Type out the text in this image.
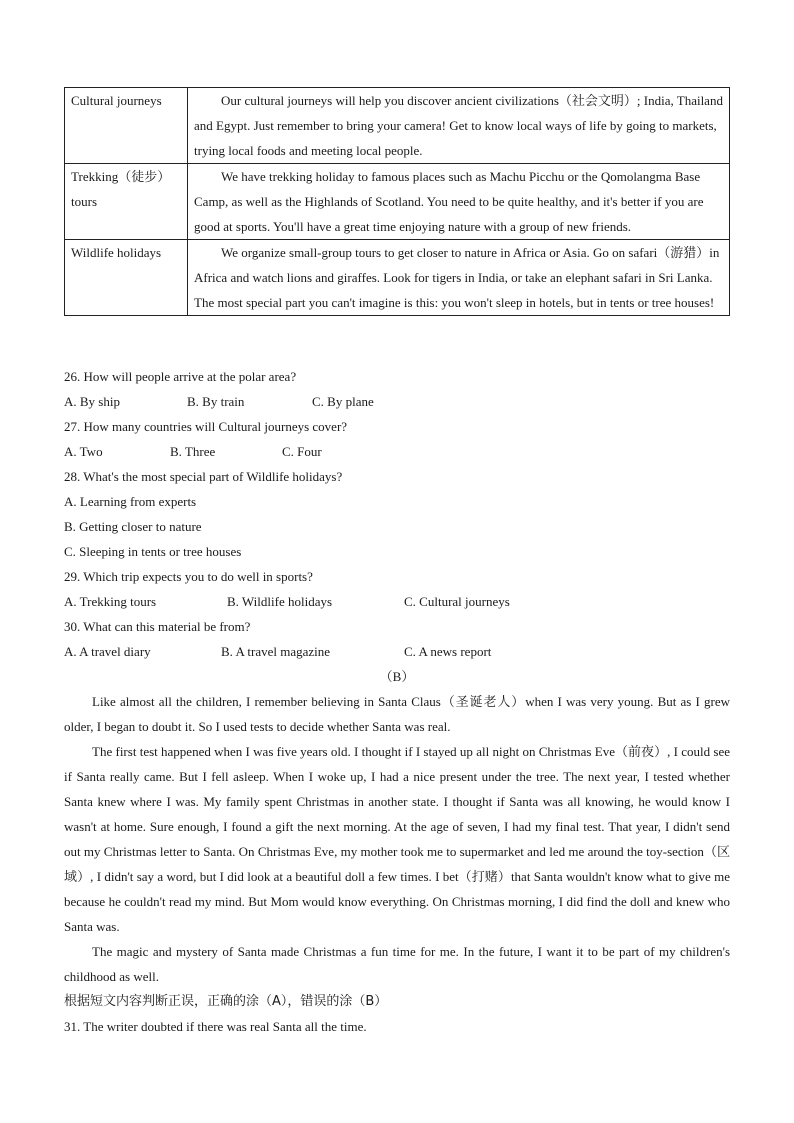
Cultural journeys	Our cultural journeys will help you discover ancient civilizations（社会文明）; India, Thailand and Egypt. Just remember to bring your camera! Get to know local ways of life by going to markets, trying local foods and meeting local people.
Trekking（徒步）tours	We have trekking holiday to famous places such as Machu Picchu or the Qomolangma Base Camp, as well as the Highlands of Scotland. You need to be quite healthy, and it's better if you are good at sports. You'll have a great time enjoying nature with a group of new friends.
Wildlife holidays	We organize small-group tours to get closer to nature in Africa or Asia. Go on safari（游猎）in Africa and watch lions and giraffes. Look for tigers in India, or take an elephant safari in Sri Lanka. The most special part you can't imagine is this: you won't sleep in hotels, but in tents or tree houses!
26. How will people arrive at the polar area?
A. By ship	B. By train	C. By plane
27. How many countries will Cultural journeys cover?
A. Two	B. Three	C. Four
28. What's the most special part of Wildlife holidays?
A. Learning from experts
B. Getting closer to nature
C. Sleeping in tents or tree houses
29. Which trip expects you to do well in sports?
A. Trekking tours	B. Wildlife holidays	C. Cultural journeys
30. What can this material be from?
A. A travel diary	B. A travel magazine	C. A news report
（B）
Like almost all the children, I remember believing in Santa Claus（圣诞老人）when I was very young. But as I grew older, I began to doubt it. So I used tests to decide whether Santa was real.
The first test happened when I was five years old. I thought if I stayed up all night on Christmas Eve（前夜）, I could see if Santa really came. But I fell asleep. When I woke up, I had a nice present under the tree. The next year, I tested whether Santa knew where I was. My family spent Christmas in another state. I thought if Santa was all knowing, he would know I wasn't at home. Sure enough, I found a gift the next morning. At the age of seven, I had my final test. That year, I didn't send out my Christmas letter to Santa. On Christmas Eve, my mother took me to supermarket and led me around the toy-section（区域）, I didn't say a word, but I did look at a beautiful doll a few times. I bet（打赌）that Santa wouldn't know what to give me because he couldn't read my mind. But Mom would know everything. On Christmas morning, I did find the doll and knew who Santa was.
The magic and mystery of Santa made Christmas a fun time for me. In the future, I want it to be part of my children's childhood as well.
根据短文内容判断正误，正确的涂（A），错误的涂（B）
31. The writer doubted if there was real Santa all the time.
